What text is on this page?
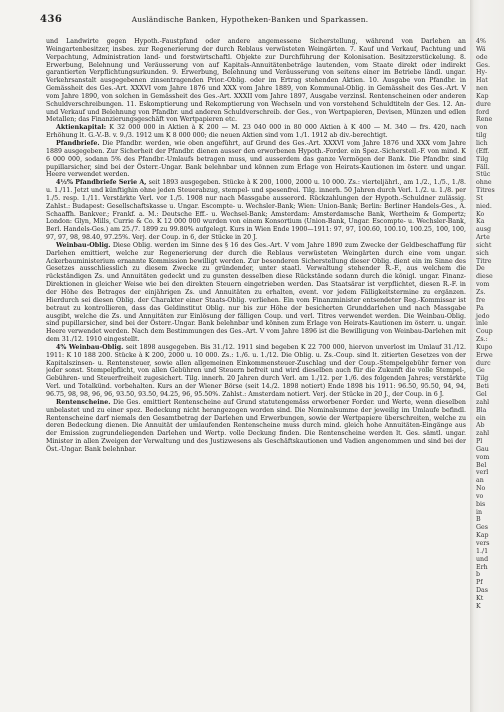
436	Ausländische Banken, Hypotheken-Banken und Sparkassen.

und Landwirte gegen Hypoth.-Faustpfand oder andere angemessene Sicherstellung, während von Darlehen an Weingartenbesitzer, insbes. zur Regenerierung der durch Reblaus verwüsteten Weingärten. 7. Kauf und Verkauf, Pachtung und Verpachtung, Administration land- und forstwirtschaftl. Objekte zur Durchführung der Kolonisation. Besitzzerstückelung. 8. Erwerbung, Belehnung und Veräusserung von auf Kapitals-Annuitätenbeträge lautenden, vom Staate direkt oder indirekt garantierten Verpflichtungsurkunden. 9. Erwerbung, Belehnung und Veräusserung von seitens einer im Betriebe ländl. ungar. Verkehrsanstalt ausgegebenen zinsentragenden Prior.-Oblig. oder im Ertrag stehenden Aktien. 10. Ausgabe von Pfandbr. in Gemässheit des Ges.-Art. XXXVI vom Jahre 1876 und XXX vom Jahre 1889, von Kommunal-Oblig. in Gemässheit des Ges.-Art. V vom Jahre 1890, von solchen in Gemässheit des Ges.-Art. XXXII vom Jahre 1897, Ausgabe verzinsl. Rentenscheinen oder anderen Schuldverschreibungen. 11. Eskomptierung und Rekomptierung von Wechseln und von vorstehend Schuldtiteln der Ges. 12. An- und Verkauf und Belehnung von Pfandbr. und anderen Schuldverschreib. der Ges., von Wertpapieren, Devisen, Münzen und edlen Metallen; das Finanzierungsgeschäft von Wertpapieren etc.

Aktienkapital: K 32 000 000 in Aktien à K 200 — M. 23 040 000 in 80 000 Aktien à K 400 — M. 340 — frs. 420, nach Erhöhung lt. G.-V.-B. v. 9./3. 1912 um K 8 000 000; die neuen Aktien sind vom 1./1. 1912 ab div.-berechtigt.

Pfandbriefe. Die Pfandbr. werden, wie oben angeführt, auf Grund des Ges.-Art. XXXVI vom Jahre 1876 und XXX vom Jahre 1889 ausgegeben. Zur Sicherheit der Pfandbr. dienen ausser den erworbenen Hypoth.-Forder. ein Spez.-Sicherstell.-F. von mind. K 6 000 000, sodann 5% des Pfandbr.-Umlaufs betragen muss, und ausserdem das ganze Vermögen der Bank. Die Pfandbr. sind pupillarsicher, sind bei der Österr.-Ungar. Bank belehnbar und können zum Erlage von Heirats-Kautionen im österr. und ungar. Heere verwendet werden.

4½% Pfandbriefe Serie A, seit 1893 ausgegeben. Stücke à K 200, 1000, 2000 u. 10 000. Zs.: vierteljährl., am 1./2., 1./5., 1./8. u. 1./11. Jetzt und künftighin ohne jeden Steuerabzug, stempel- und spesenfrei. Tilg. innerh. 50 Jahren durch Verl. 1./2. u. 1./8. per 1./5. resp. 1./11. Verstärkte Verl. vor 1./5. 1908 nur nach Massgabe ausserord. Rückzahlungen der Hypoth.-Schuldner zulässig. Zahlst.: Budapest: Gesellschaftskasse u. Ungar. Escompte- u. Wechsler-Bank; Wien: Union-Bank; Berlin: Berliner Handels-Ges., A. Schaaffh. Bankver.; Frankf. a. M.: Deutsche Eff.- u. Wechsel-Bank; Amsterdam: Amsterdamsche Bank, Wertheim & Gompertz; London: Glyn, Mills, Currie & Co. K 12 000 000 wurden von einem Konsortium (Union-Bank, Ungar. Escompte- u. Wechsler-Bank, Berl. Handels-Ges.) am 25./7. 1899 zu 99.80% aufgelegt. Kurs in Wien Ende 1900—1911: 97, 97, 100.60, 100.10, 100.25, 100, 100, 97, 97, 98, 98.40, 97.25%. Verj. der Coup. in 6, der Stücke in 20 J.

Weinbau-Oblig. Diese Oblig. werden im Sinne des § 16 des Ges.-Art. V vom Jahre 1890 zum Zwecke der Geldbeschaffung für Darlehen emittiert, welche zur Regenerierung der durch die Reblaus verwüsteten Weingärten durch eine vom ungar. Ackerbauministerium ernannte Kommission bewilligt werden. Zur besonderen Sicherstellung dieser Oblig. dient ein im Sinne des Gesetzes ausschliesslich zu diesem Zwecke zu gründender, unter staatl. Verwaltung stehender R.-F., aus welchem die rückständigen Zs. und Annuitäten gedeckt und zu gunsten desselben diese Rückstände sodann durch die königl. ungar. Finanz-Direktionen in gleicher Weise wie bei den direkten Steuern eingetrieben werden. Das Staatsärar ist verpflichtet, diesen R.-F. in der Höhe des Betrages der einjährigen Zs. und Annuitäten zu erhalten, event. vor jedem Fälligkeitstermine zu ergänzen. Hierdurch sei diesen Oblig. der Charakter einer Staats-Oblig. verliehen. Ein vom Finanzminister entsendeter Reg.-Kommissar ist betraut zu kontrollieren, dass das Geldinstitut Oblig. nur bis zur Höhe der besicherten Grunddarlehen und nach Massgabe ausgibt, welche die Zs. und Annuitäten zur Einlösung der fälligen Coup. und verl. Titres verwendet werden. Die Weinbau-Oblig. sind pupillarsicher, sind bei der Österr.-Ungar. Bank belehnbar und können zum Erlage von Heirats-Kautionen im österr. u. ungar. Heere verwendet werden. Nach dem Bestimmungen des Ges.-Art. V vom Jahre 1896 ist die Bewilligung von Weinbau-Darlehen mit dem 31./12. 1910 eingestellt.

4% Weinbau-Oblig. seit 1898 ausgegeben. Bis 31./12. 1911 sind begeben K 22 700 000, hiervon unverlost im Umlauf 31./12. 1911: K 10 188 200. Stücke à K 200, 2000 u. 10 000. Zs.: 1./6. u. 1./12. Die Oblig. u. Zs.-Coup. sind lt. zitierten Gesetzes von der Kapitalszinsen- u. Rentensteuer, sowie allen allgemeinen Einkommensteuer-Zuschlag und der Coup.-Stempelgebühr ferner von jeder sonst. Stempelpflicht, von allen Gebühren und Steuern befreit und wird dieselben auch für die Zukunft die volle Stempel-, Gebühren- und Steuerfreiheit zugesichert. Tilg. innerh. 20 Jahren durch Verl. am 1./12. per 1./6. des folgenden Jahres; verstärkte Verl. und Totalkünd. vorbehalten. Kurs an der Wiener Börse (seit 14./2. 1898 notiert) Ende 1898 bis 1911: 96.50, 95.50, 94, 94, 96.75, 98, 98, 96, 96, 93.50, 93.50, 94.25, 96, 95.50%. Zahlst.: Amsterdam notiert. Verj. der Stücke in 20 J., der Coup. in 6 J.

Rentenscheine. Die Ges. emittiert Rentenscheine auf Grund statutengemäss erworbener Forder. und Werte, wenn dieselben unbelastet und zu einer spez. Bedeckung nicht herangezogen worden sind. Die Nominalsumme der jeweilig im Umlaufe befindl. Rentenscheine darf niemals den Gesamtbetrag der Darlehen und Erwerbungen, sowie der Wertpapiere überschreiten, welche zu deren Bedeckung dienen. Die Annuität der umlaufenden Rentenscheine muss durch mind. gleich hohe Annuitäten-Eingänge aus der Emission zugrundeliegenden Darlehen und Wertp. volle Deckung finden. Die Rentenscheine werden lt. Ges. sämtl. ungar. Minister in allen Zweigen der Verwaltung und des Justizwesens als Geschäftskautionen und Vadien angenommen und sind bei der Öst.-Ungar. Bank belehnbar.

4%
Wä
ode
Ges.
Hy-
Hat
nen
Kap
dure
ford
Rene
von
tilg
lich
(Eff.
Tilg
Fäll.
Stüc
ohne
Titres
St
nied.
Ko
Ka
ausg
Arte
sicht
sich
Titre
De
diese
vom
Zs.
fre
Pa
jedo
inle
Coup
Zs.:
Kupo
Erwe
durc
Ge
Tilg
Beti
Gel
zahl
Bla
ein
Ab
zahl
Pl
Gau
vom
Bel
verl
an
No
vo
bis
in
B
Ges
Kap
vers
1./1
und
Erh
b
Pf
Das
Kt
K
